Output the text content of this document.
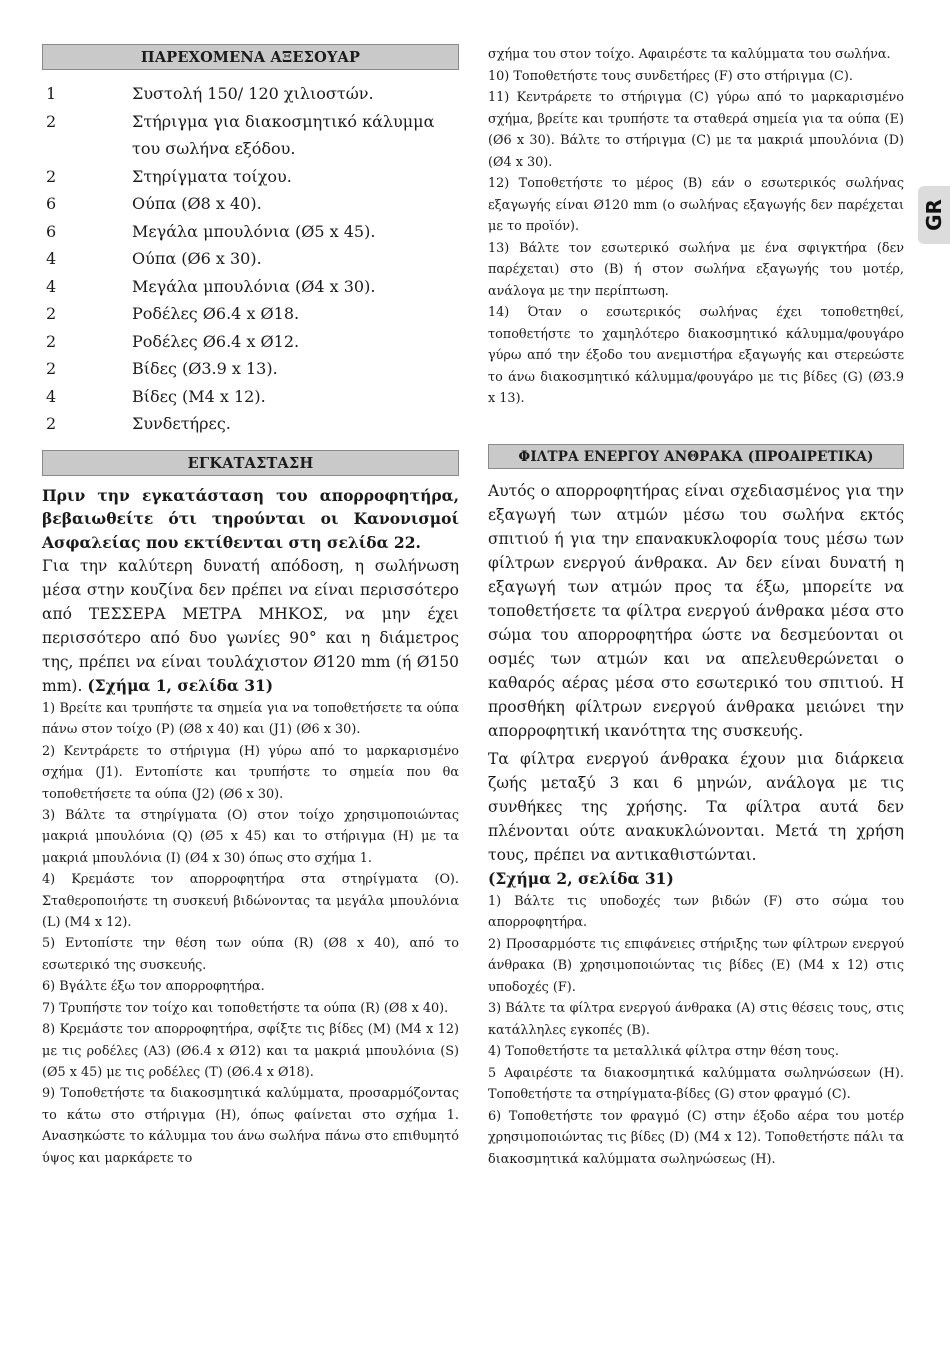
GR
ΠΑΡΕΧΟΜΕΝΑ ΑΞΕΣΟΥΑΡ
1	Συστολή 150/ 120 χιλιοστών.
2	Στήριγμα για διακοσμητικό κάλυμμα
του σωλήνα εξόδου.
2	Στηρίγματα τοίχου.
6	Ούπα (Ø8 x 40).
6	Μεγάλα μπουλόνια (Ø5 x 45).
4	Ούπα (Ø6 x 30).
4	Μεγάλα μπουλόνια (Ø4 x 30).
2	Ροδέλες Ø6.4 x Ø18.
2	Ροδέλες Ø6.4 x Ø12.
2	Βίδες (Ø3.9 x 13).
4	Βίδες (M4 x 12).
2	Συνδετήρες.
ΕΓΚΑΤΑΣΤΑΣΗ
Πριν την εγκατάσταση του απορροφητήρα, βεβαιωθείτε ότι τηρούνται οι Κανονισμοί Ασφαλείας που εκτίθενται στη σελίδα 22.
Για την καλύτερη δυνατή απόδοση, η σωλήνωση μέσα στην κουζίνα δεν πρέπει να είναι περισσότερο από ΤΕΣΣΕΡΑ ΜΕΤΡΑ ΜΗΚΟΣ, να μην έχει περισσότερο από δυο γωνίες 90° και η διάμετρος της, πρέπει να είναι τουλάχιστον Ø120 mm (ή Ø150 mm). (Σχήμα 1, σελίδα 31)
1) Βρείτε και τρυπήστε τα σημεία για να τοποθετήσετε τα ούπα πάνω στον τοίχο (P) (Ø8 x 40) και (J1) (Ø6 x 30).
2) Κεντράρετε το στήριγμα (H) γύρω από το μαρκαρισμένο σχήμα (J1). Εντοπίστε και τρυπήστε το σημεία που θα τοποθετήσετε τα ούπα (J2) (Ø6 x 30).
3) Βάλτε τα στηρίγματα (O) στον τοίχο χρησιμοποιώντας μακριά μπουλόνια (Q) (Ø5 x 45) και το στήριγμα (H) με τα μακριά μπουλόνια (I) (Ø4 x 30) όπως στο σχήμα 1.
4) Κρεμάστε τον απορροφητήρα στα στηρίγματα (O). Σταθεροποιήστε τη συσκευή βιδώνοντας τα μεγάλα μπουλόνια (L) (M4 x 12).
5) Εντοπίστε την θέση των ούπα (R) (Ø8 x 40), από το εσωτερικό της συσκευής.
6) Βγάλτε έξω τον απορροφητήρα.
7) Τρυπήστε τον τοίχο και τοποθετήστε τα ούπα (R) (Ø8 x 40).
8) Κρεμάστε τον απορροφητήρα, σφίξτε τις βίδες (M) (M4 x 12) με τις ροδέλες (A3) (Ø6.4 x Ø12) και τα μακριά μπουλόνια (S) (Ø5 x 45) με τις ροδέλες (T) (Ø6.4 x Ø18).
9) Τοποθετήστε τα διακοσμητικά καλύμματα, προσαρμόζοντας το κάτω στο στήριγμα (H), όπως φαίνεται στο σχήμα 1. Ανασηκώστε το κάλυμμα του άνω σωλήνα πάνω στο επιθυμητό ύψος και μαρκάρετε το
σχήμα του στον τοίχο. Αφαιρέστε τα καλύμματα του σωλήνα.
10) Τοποθετήστε τους συνδετήρες (F) στο στήριγμα (C).
11) Κεντράρετε το στήριγμα (C) γύρω από το μαρκαρισμένο σχήμα, βρείτε και τρυπήστε τα σταθερά σημεία για τα ούπα (E) (Ø6 x 30). Βάλτε το στήριγμα (C) με τα μακριά μπουλόνια (D) (Ø4 x 30).
12) Τοποθετήστε το μέρος (B) εάν ο εσωτερικός σωλήνας εξαγωγής είναι Ø120 mm (ο σωλήνας εξαγωγής δεν παρέχεται με το προϊόν).
13) Βάλτε τον εσωτερικό σωλήνα με ένα σφιγκτήρα (δεν παρέχεται) στο (B) ή στον σωλήνα εξαγωγής του μοτέρ, ανάλογα με την περίπτωση.
14) Όταν ο εσωτερικός σωλήνας έχει τοποθετηθεί, τοποθετήστε το χαμηλότερο διακοσμητικό κάλυμμα/φουγάρο γύρω από την έξοδο του ανεμιστήρα εξαγωγής και στερεώστε το άνω διακοσμητικό κάλυμμα/φουγάρο με τις βίδες (G) (Ø3.9 x 13).
ΦΙΛΤΡΑ ΕΝΕΡΓΟΥ ΑΝΘΡΑΚΑ (ΠΡΟΑΙΡΕΤΙΚΑ)
Αυτός ο απορροφητήρας είναι σχεδιασμένος για την εξαγωγή των ατμών μέσω του σωλήνα εκτός σπιτιού ή για την επανακυκλοφορία τους μέσω των φίλτρων ενεργού άνθρακα. Αν δεν είναι δυνατή η εξαγωγή των ατμών προς τα έξω, μπορείτε να τοποθετήσετε τα φίλτρα ενεργού άνθρακα μέσα στο σώμα του απορροφητήρα ώστε να δεσμεύονται οι οσμές των ατμών και να απελευθερώνεται ο καθαρός αέρας μέσα στο εσωτερικό του σπιτιού. Η προσθήκη φίλτρων ενεργού άνθρακα μειώνει την απορροφητική ικανότητα της συσκευής.
Τα φίλτρα ενεργού άνθρακα έχουν μια διάρκεια ζωής μεταξύ 3 και 6 μηνών, ανάλογα με τις συνθήκες της χρήσης. Τα φίλτρα αυτά δεν πλένονται ούτε ανακυκλώνονται. Μετά τη χρήση τους, πρέπει να αντικαθιστώνται.
(Σχήμα 2, σελίδα 31)
1) Βάλτε τις υποδοχές των βιδών (F) στο σώμα του απορροφητήρα.
2) Προσαρμόστε τις επιφάνειες στήριξης των φίλτρων ενεργού άνθρακα (B) χρησιμοποιώντας τις βίδες (E) (M4 x 12) στις υποδοχές (F).
3) Βάλτε τα φίλτρα ενεργού άνθρακα (A) στις θέσεις τους, στις κατάλληλες εγκοπές (B).
4) Τοποθετήστε τα μεταλλικά φίλτρα στην θέση τους.
5 Αφαιρέστε τα διακοσμητικά καλύμματα σωληνώσεων (H). Τοποθετήστε τα στηρίγματα-βίδες (G) στον φραγμό (C).
6) Τοποθετήστε τον φραγμό (C) στην έξοδο αέρα του μοτέρ χρησιμοποιώντας τις βίδες (D) (M4 x 12). Τοποθετήστε πάλι τα διακοσμητικά καλύμματα σωληνώσεως (H).
